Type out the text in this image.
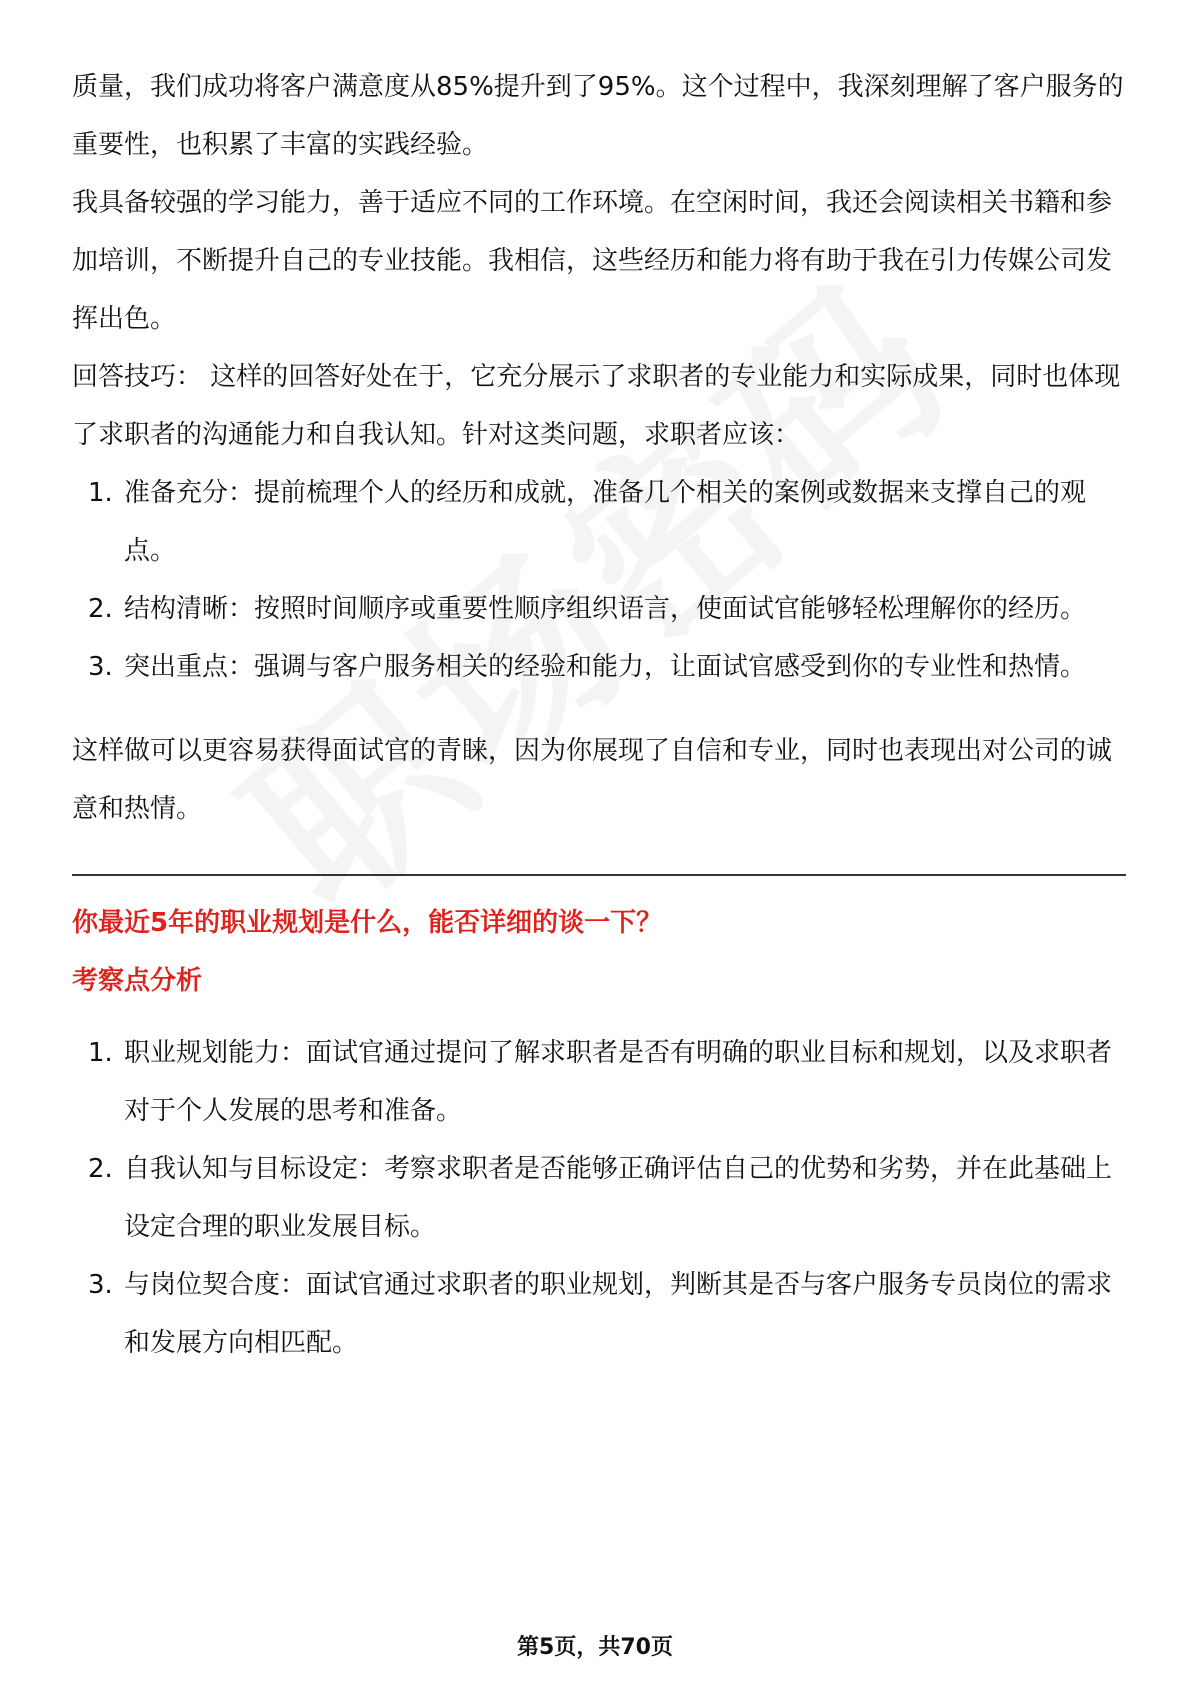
质量，我们成功将客户满意度从85%提升到了95%。这个过程中，我深刻理解了客户服务的重要性，也积累了丰富的实践经验。

我具备较强的学习能力，善于适应不同的工作环境。在空闲时间，我还会阅读相关书籍和参加培训，不断提升自己的专业技能。我相信，这些经历和能力将有助于我在引力传媒公司发挥出色。

回答技巧： 这样的回答好处在于，它充分展示了求职者的专业能力和实际成果，同时也体现了求职者的沟通能力和自我认知。针对这类问题，求职者应该：

1. 准备充分：提前梳理个人的经历和成就，准备几个相关的案例或数据来支撑自己的观点。
2. 结构清晰：按照时间顺序或重要性顺序组织语言，使面试官能够轻松理解你的经历。
3. 突出重点：强调与客户服务相关的经验和能力，让面试官感受到你的专业性和热情。

这样做可以更容易获得面试官的青睐，因为你展现了自信和专业，同时也表现出对公司的诚意和热情。

你最近5年的职业规划是什么，能否详细的谈一下？

考察点分析

1. 职业规划能力：面试官通过提问了解求职者是否有明确的职业目标和规划，以及求职者对于个人发展的思考和准备。
2. 自我认知与目标设定：考察求职者是否能够正确评估自己的优势和劣势，并在此基础上设定合理的职业发展目标。
3. 与岗位契合度：面试官通过求职者的职业规划，判断其是否与客户服务专员岗位的需求和发展方向相匹配。
第5页，共70页
